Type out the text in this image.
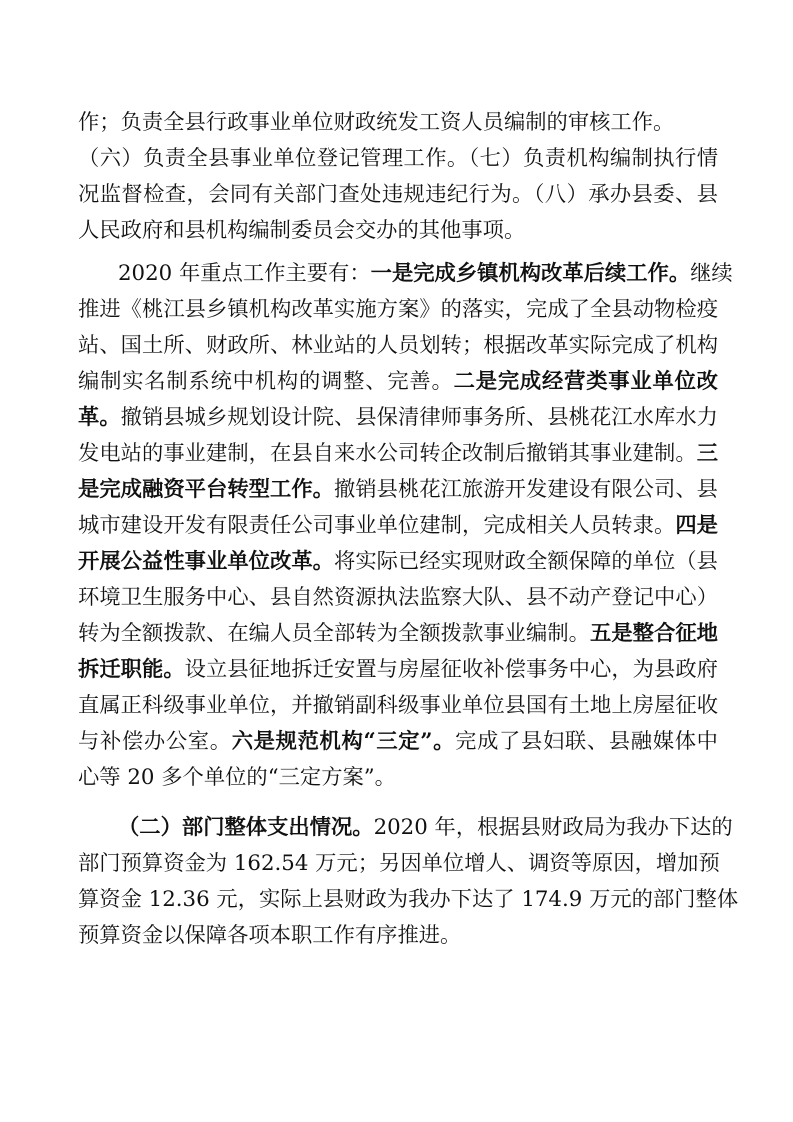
作；负责全县行政事业单位财政统发工资人员编制的审核工作。
（六）负责全县事业单位登记管理工作。（七）负责机构编制执行情
况监督检查，会同有关部门查处违规违纪行为。（八）承办县委、县
人民政府和县机构编制委员会交办的其他事项。
2020 年重点工作主要有：一是完成乡镇机构改革后续工作。继续
推进《桃江县乡镇机构改革实施方案》的落实，完成了全县动物检疫
站、国土所、财政所、林业站的人员划转；根据改革实际完成了机构
编制实名制系统中机构的调整、完善。二是完成经营类事业单位改
革。撤销县城乡规划设计院、县保清律师事务所、县桃花江水库水力
发电站的事业建制，在县自来水公司转企改制后撤销其事业建制。三
是完成融资平台转型工作。撤销县桃花江旅游开发建设有限公司、县
城市建设开发有限责任公司事业单位建制，完成相关人员转隶。四是
开展公益性事业单位改革。将实际已经实现财政全额保障的单位（县
环境卫生服务中心、县自然资源执法监察大队、县不动产登记中心）
转为全额拨款、在编人员全部转为全额拨款事业编制。五是整合征地
拆迁职能。设立县征地拆迁安置与房屋征收补偿事务中心，为县政府
直属正科级事业单位，并撤销副科级事业单位县国有土地上房屋征收
与补偿办公室。六是规范机构“三定”。完成了县妇联、县融媒体中
心等 20 多个单位的“三定方案”。
（二）部门整体支出情况。2020 年，根据县财政局为我办下达的
部门预算资金为 162.54 万元；另因单位增人、调资等原因，增加预
算资金 12.36 元，实际上县财政为我办下达了 174.9 万元的部门整体
预算资金以保障各项本职工作有序推进。
